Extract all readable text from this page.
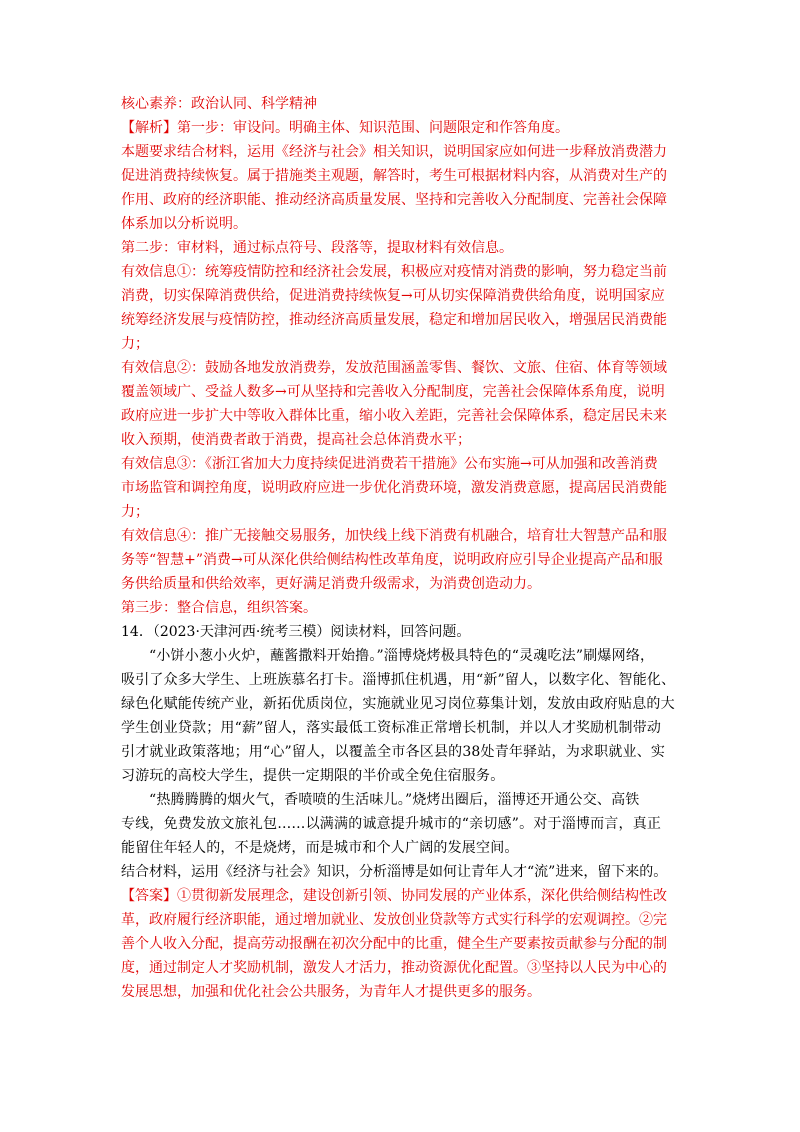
核心素养：政治认同、科学精神
【解析】第一步：审设问。明确主体、知识范围、问题限定和作答角度。
本题要求结合材料，运用《经济与社会》相关知识，说明国家应如何进一步释放消费潜力
促进消费持续恢复。属于措施类主观题，解答时，考生可根据材料内容，从消费对生产的
作用、政府的经济职能、推动经济高质量发展、坚持和完善收入分配制度、完善社会保障
体系加以分析说明。
第二步：审材料，通过标点符号、段落等，提取材料有效信息。
有效信息①：统筹疫情防控和经济社会发展，积极应对疫情对消费的影响，努力稳定当前
消费，切实保障消费供给，促进消费持续恢复→可从切实保障消费供给角度，说明国家应
统筹经济发展与疫情防控，推动经济高质量发展，稳定和增加居民收入，增强居民消费能
力；
有效信息②：鼓励各地发放消费券，发放范围涵盖零售、餐饮、文旅、住宿、体育等领域
覆盖领域广、受益人数多→可从坚持和完善收入分配制度，完善社会保障体系角度，说明
政府应进一步扩大中等收入群体比重，缩小收入差距，完善社会保障体系，稳定居民未来
收入预期，使消费者敢于消费，提高社会总体消费水平；
有效信息③：《浙江省加大力度持续促进消费若干措施》公布实施→可从加强和改善消费
市场监管和调控角度，说明政府应进一步优化消费环境，激发消费意愿，提高居民消费能
力；
有效信息④：推广无接触交易服务，加快线上线下消费有机融合，培育壮大智慧产品和服
务等“智慧+”消费→可从深化供给侧结构性改革角度，说明政府应引导企业提高产品和服
务供给质量和供给效率，更好满足消费升级需求，为消费创造动力。
第三步：整合信息，组织答案。
14．（2023·天津河西·统考三模）阅读材料，回答问题。
“小饼小葱小火炉，蘸酱撒料开始撸。”淄博烧烤极具特色的“灵魂吃法”刷爆网络，
吸引了众多大学生、上班族慕名打卡。淄博抓住机遇，用“新”留人，以数字化、智能化、
绿色化赋能传统产业，新拓优质岗位，实施就业见习岗位募集计划，发放由政府贴息的大
学生创业贷款；用“薪”留人，落实最低工资标准正常增长机制，并以人才奖励机制带动
引才就业政策落地；用“心”留人，以覆盖全市各区县的38处青年驿站，为求职就业、实
习游玩的高校大学生，提供一定期限的半价或全免住宿服务。
“热腾腾腾的烟火气，香喷喷的生活味儿。”烧烤出圈后，淄博还开通公交、高铁
专线，免费发放文旅礼包……以满满的诚意提升城市的“亲切感”。对于淄博而言，真正
能留住年轻人的，不是烧烤，而是城市和个人广阔的发展空间。
结合材料，运用《经济与社会》知识，分析淄博是如何让青年人才“流”进来，留下来的。
【答案】①贯彻新发展理念，建设创新引领、协同发展的产业体系，深化供给侧结构性改
革，政府履行经济职能，通过增加就业、发放创业贷款等方式实行科学的宏观调控。②完
善个人收入分配，提高劳动报酬在初次分配中的比重，健全生产要素按贡献参与分配的制
度，通过制定人才奖励机制，激发人才活力，推动资源优化配置。③坚持以人民为中心的
发展思想，加强和优化社会公共服务，为青年人才提供更多的服务。
